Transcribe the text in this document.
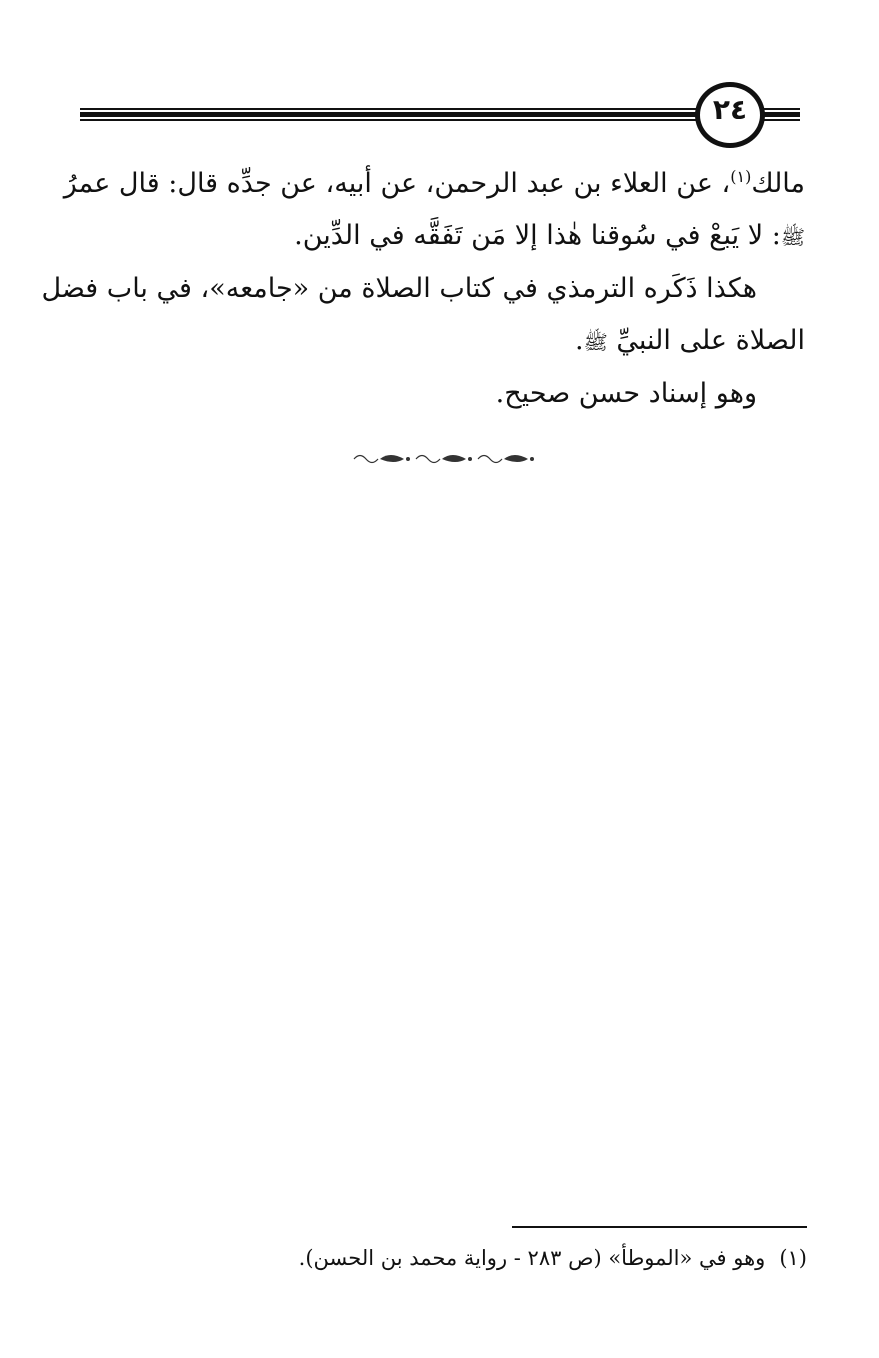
٢٤

مالك$^{(١)}$، عن العلاء بن عبد الرحمن، عن أبيه، عن جدِّه قال: قال عمرُ
ﷺ: لا يَبعْ في سُوقنا هٰذا إلا مَن تَفَقَّه في الدِّين.

هكذا ذَكَره الترمذي في كتاب الصلاة من «جامعه»، في باب فضل
الصلاة على النبيِّ ﷺ.

وهو إسناد حسن صحيح.

(١)وهو في «الموطأ» (ص ٢٨٣ - رواية محمد بن الحسن).
